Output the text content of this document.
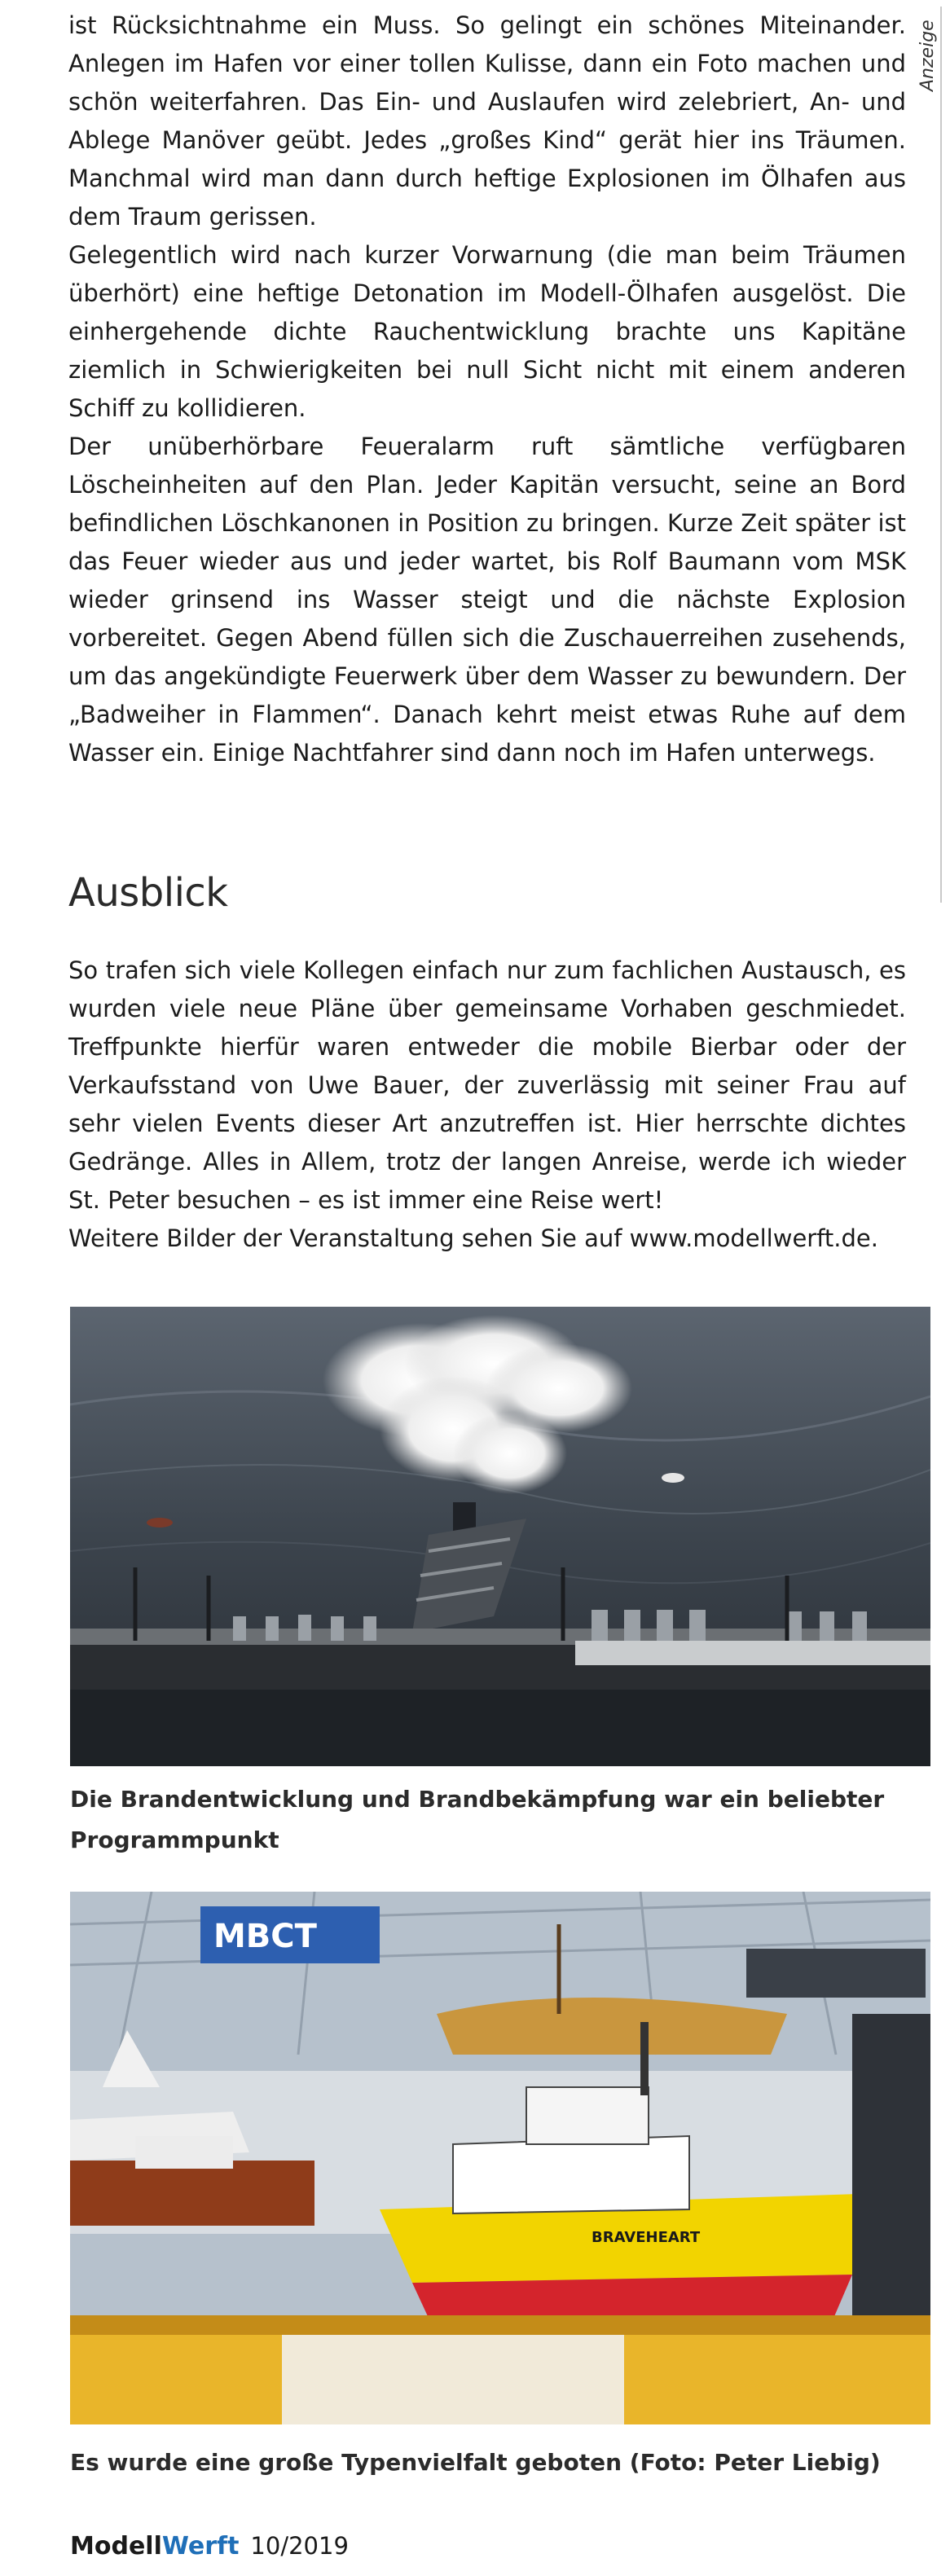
Anzeige

ist Rücksichtnahme ein Muss. So gelingt ein schönes Miteinander. Anlegen im Hafen vor einer tollen Kulisse, dann ein Foto machen und schön weiterfahren. Das Ein- und Auslaufen wird zelebriert, An- und Ablege Manöver geübt. Jedes „großes Kind“ gerät hier ins Träumen. Manchmal wird man dann durch heftige Explosionen im Ölhafen aus dem Traum gerissen.

Gelegentlich wird nach kurzer Vorwarnung (die man beim Träumen überhört) eine heftige Detonation im Modell-Ölhafen ausgelöst. Die einhergehende dichte Rauchentwicklung brachte uns Kapitäne ziemlich in Schwierigkeiten bei null Sicht nicht mit einem anderen Schiff zu kollidieren.

Der unüberhörbare Feueralarm ruft sämtliche verfügbaren Löscheinheiten auf den Plan. Jeder Kapitän versucht, seine an Bord befindlichen Löschkanonen in Position zu bringen. Kurze Zeit später ist das Feuer wieder aus und jeder wartet, bis Rolf Baumann vom MSK wieder grinsend ins Wasser steigt und die nächste Explosion vorbereitet. Gegen Abend füllen sich die Zuschauerreihen zusehends, um das angekündigte Feuerwerk über dem Wasser zu bewundern. Der „Badweiher in Flammen“. Danach kehrt meist etwas Ruhe auf dem Wasser ein. Einige Nachtfahrer sind dann noch im Hafen unterwegs.

Ausblick

So trafen sich viele Kollegen einfach nur zum fachlichen Austausch, es wurden viele neue Pläne über gemeinsame Vorhaben geschmiedet. Treffpunkte hierfür waren entweder die mobile Bierbar oder der Verkaufsstand von Uwe Bauer, der zuverlässig mit seiner Frau auf sehr vielen Events dieser Art anzutreffen ist. Hier herrschte dichtes Gedränge. Alles in Allem, trotz der langen Anreise, werde ich wieder St. Peter besuchen – es ist immer eine Reise wert!

Weitere Bilder der Veranstaltung sehen Sie auf www.modellwerft.de.

Die Brandentwicklung und Brandbekämpfung war ein beliebter Programmpunkt

MBCT
BRAVEHEART

Es wurde eine große Typenvielfalt geboten (Foto: Peter Liebig)

ModellWerft 10/2019
